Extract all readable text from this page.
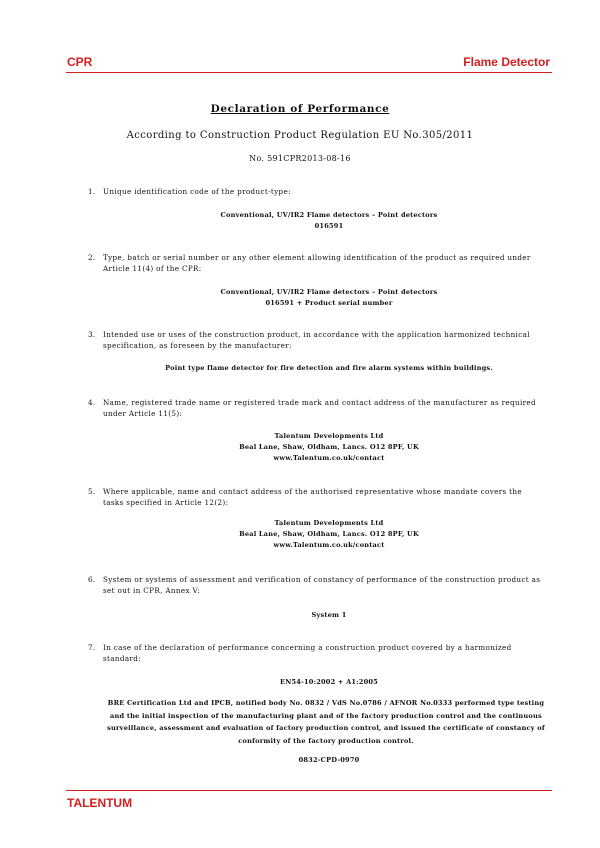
CPR	Flame Detector
Declaration of Performance
According to Construction Product Regulation EU No.305/2011
No. 591CPR2013-08-16
1. Unique identification code of the product-type:
Conventional, UV/IR2 Flame detectors – Point detectors
016591
2. Type, batch or serial number or any other element allowing identification of the product as required under Article 11(4) of the CPR:
Conventional, UV/IR2 Flame detectors – Point detectors
016591 + Product serial number
3. Intended use or uses of the construction product, in accordance with the application harmonized technical specification, as foreseen by the manufacturer:
Point type flame detector for fire detection and fire alarm systems within buildings.
4. Name, registered trade name or registered trade mark and contact address of the manufacturer as required under Article 11(5):
Talentum Developments Ltd
Beal Lane, Shaw, Oldham, Lancs. O12 8PF, UK
www.Talentum.co.uk/contact
5. Where applicable, name and contact address of the authorised representative whose mandate covers the tasks specified in Article 12(2):
Talentum Developments Ltd
Beal Lane, Shaw, Oldham, Lancs. O12 8PF, UK
www.Talentum.co.uk/contact
6. System or systems of assessment and verification of constancy of performance of the construction product as set out in CPR, Annex V:
System 1
7. In case of the declaration of performance concerning a construction product covered by a harmonized standard:
EN54-10:2002 + A1:2005
BRE Certification Ltd and IPCB, notified body No. 0832 / VdS No.0786 / AFNOR No.0333 performed type testing and the initial inspection of the manufacturing plant and of the factory production control and the continuous surveillance, assessment and evaluation of factory production control, and issued the certificate of constancy of conformity of the factory production control.
0832-CPD-0970
TALENTUM
